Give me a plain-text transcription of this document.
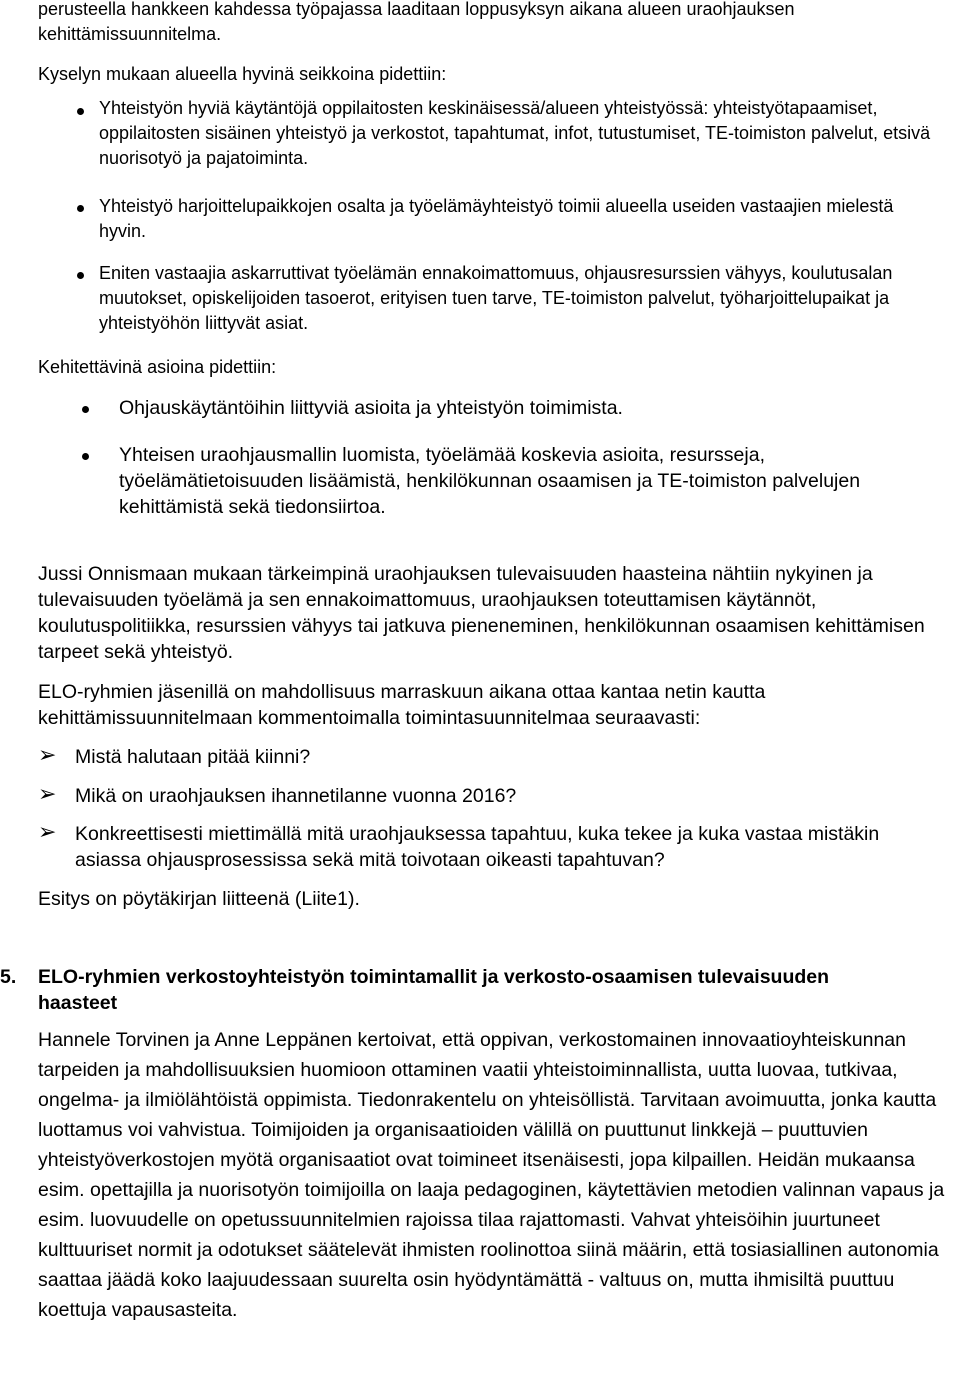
perusteella hankkeen kahdessa työpajassa laaditaan loppusyksyn aikana alueen uraohjauksen kehittämissuunnitelma.

Kyselyn mukaan alueella hyvinä seikkoina pidettiin:

Yhteistyön hyviä käytäntöjä oppilaitosten keskinäisessä/alueen yhteistyössä: yhteistyötapaamiset, oppilaitosten sisäinen yhteistyö ja verkostot, tapahtumat, infot, tutustumiset, TE-toimiston palvelut, etsivä nuorisotyö ja pajatoiminta.

Yhteistyö harjoittelupaikkojen osalta ja työelämäyhteistyö toimii alueella useiden vastaajien mielestä hyvin.

Eniten vastaajia askarruttivat työelämän ennakoimattomuus, ohjausresurssien vähyys, koulutusalan muutokset, opiskelijoiden tasoerot, erityisen tuen tarve, TE-toimiston palvelut, työharjoittelupaikat ja yhteistyöhön liittyvät asiat.

Kehitettävinä asioina pidettiin:

Ohjauskäytäntöihin liittyviä asioita ja yhteistyön toimimista.

Yhteisen uraohjausmallin luomista, työelämää koskevia asioita, resursseja, työelämätietoisuuden lisäämistä, henkilökunnan osaamisen ja TE-toimiston palvelujen kehittämistä sekä tiedonsiirtoa.

Jussi Onnismaan mukaan tärkeimpinä uraohjauksen tulevaisuuden haasteina nähtiin nykyinen ja tulevaisuuden työelämä ja sen ennakoimattomuus, uraohjauksen toteuttamisen käytännöt, koulutuspolitiikka, resurssien vähyys tai jatkuva pieneneminen, henkilökunnan osaamisen kehittämisen tarpeet sekä yhteistyö.

ELO-ryhmien jäsenillä on mahdollisuus marraskuun aikana ottaa kantaa netin kautta kehittämissuunnitelmaan kommentoimalla toimintasuunnitelmaa seuraavasti:

➢ Mistä halutaan pitää kiinni?

➢ Mikä on uraohjauksen ihannetilanne vuonna 2016?

➢ Konkreettisesti miettimällä mitä uraohjauksessa tapahtuu, kuka tekee ja kuka vastaa mistäkin asiassa ohjausprosessissa sekä mitä toivotaan oikeasti tapahtuvan?

Esitys on pöytäkirjan liitteenä (Liite1).

5. ELO-ryhmien verkostoyhteistyön toimintamallit ja verkosto-osaamisen tulevaisuuden haasteet

Hannele Torvinen ja Anne Leppänen kertoivat, että oppivan, verkostomainen innovaatioyhteiskunnan tarpeiden ja mahdollisuuksien huomioon ottaminen vaatii yhteistoiminnallista, uutta luovaa, tutkivaa, ongelma- ja ilmiölähtöistä oppimista. Tiedonrakentelu on yhteisöllistä. Tarvitaan avoimuutta, jonka kautta luottamus voi vahvistua. Toimijoiden ja organisaatioiden välillä on puuttunut linkkejä – puuttuvien yhteistyöverkostojen myötä organisaatiot ovat toimineet itsenäisesti, jopa kilpaillen. Heidän mukaansa esim. opettajilla ja nuorisotyön toimijoilla on laaja pedagoginen, käytettävien metodien valinnan vapaus ja esim. luovuudelle on opetussuunnitelmien rajoissa tilaa rajattomasti. Vahvat yhteisöihin juurtuneet kulttuuriset normit ja odotukset säätelevät ihmisten roolinottoa siinä määrin, että tosiasiallinen autonomia saattaa jäädä koko laajuudessaan suurelta osin hyödyntämättä - valtuus on, mutta ihmisiltä puuttuu koettuja vapausasteita.
